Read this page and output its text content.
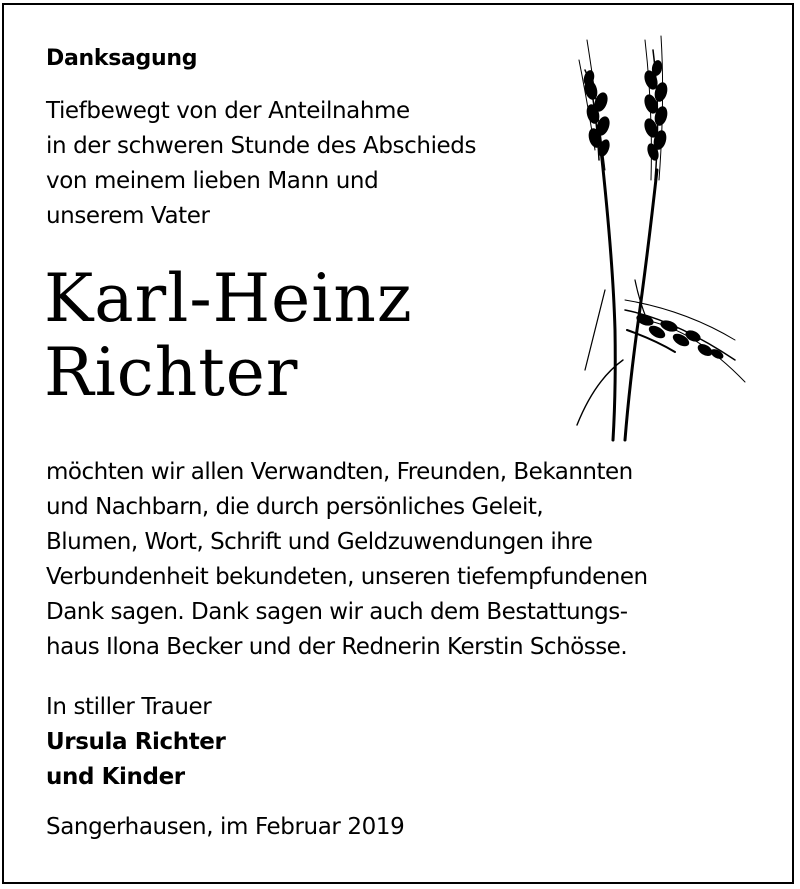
Danksagung
Tiefbewegt von der Anteilnahme
in der schweren Stunde des Abschieds
von meinem lieben Mann und
unserem Vater
Karl-Heinz
Richter
möchten wir allen Verwandten, Freunden, Bekannten
und Nachbarn, die durch persönliches Geleit,
Blumen, Wort, Schrift und Geldzuwendungen ihre
Verbundenheit bekundeten, unseren tiefempfundenen
Dank sagen. Dank sagen wir auch dem Bestattungs-
haus Ilona Becker und der Rednerin Kerstin Schösse.
In stiller Trauer
Ursula Richter
und Kinder
Sangerhausen, im Februar 2019
